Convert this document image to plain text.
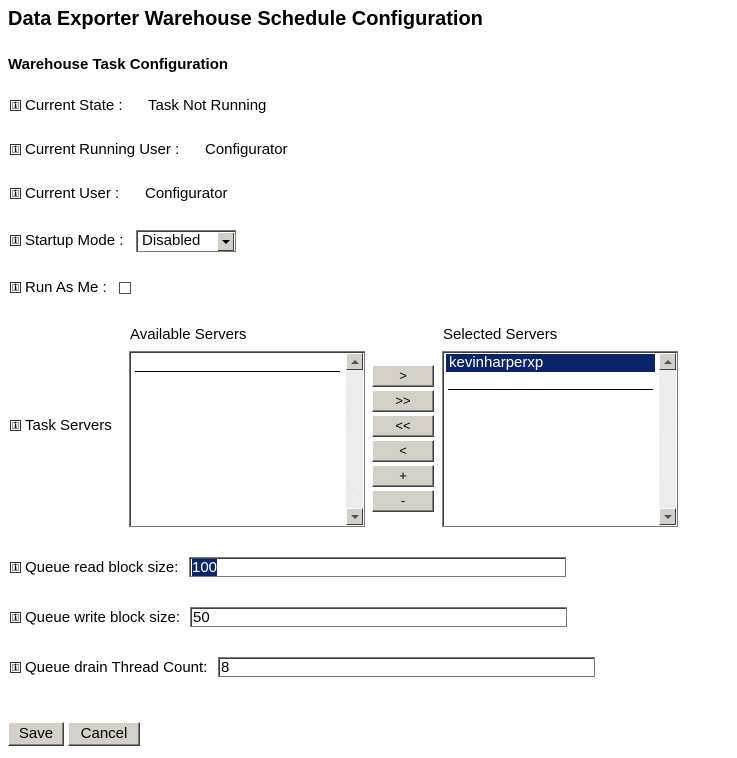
Data Exporter Warehouse Schedule Configuration
Warehouse Task Configuration
i Current State : Task Not Running
i Current Running User : Configurator
i Current User : Configurator
i Startup Mode : Disabled
i Run As Me :
Available Servers	Selected Servers
i Task Servers
>
>>
<<
<
+
-
kevinharperxp
i Queue read block size: 100
i Queue write block size: 50
i Queue drain Thread Count: 8
Save	Cancel
